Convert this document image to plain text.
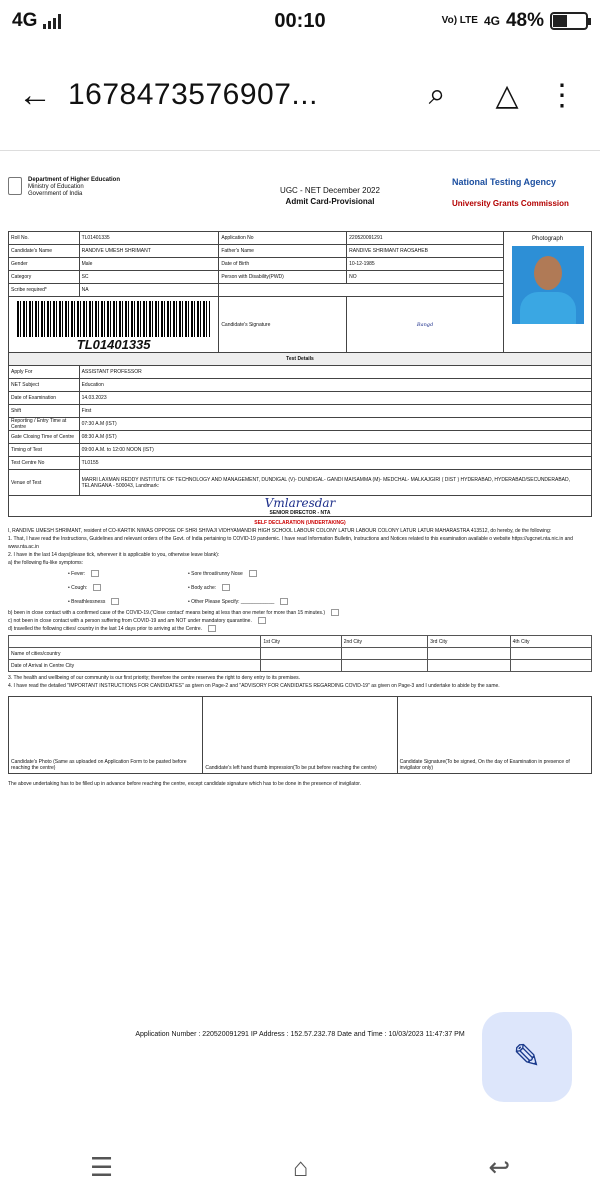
4G	00:10	Vo) LTE 4G 48%
← 1678473576907...	⌕	△ ⋮
Department of Higher Education
Ministry of Education
Government of India	UGC - NET December 2022
Admit Card-Provisional
National Testing Agency
University Grants Commission
Roll No.	TL01401335	Application No	220520091291	Photograph

Candidate's Name	RANDIVE UMESH SHRIMANT	Father's Name	RANDIVE SHRIMANT RAOSAHEB	
Gender	Male	Date of Birth	10-12-1985	
Category	SC	Person with Disability(PWD)	NO	
Scribe required*	NA			

TL01401335		Candidate's Signature	Bangd	
Test Details				
Apply For	ASSISTANT PROFESSOR			
NET Subject	Education			
Date of Examination	14.03.2023			
Shift	First			
Reporting / Entry Time at Centre	07:30 A.M (IST)			
Gate Closing Time of Centre	08:30 A.M (IST)			
Timing of Test	09:00 A.M. to 12:00 NOON (IST)			
Test Centre No	TL0155			
Venue of Test	MARRI LAXMAN REDDY INSTITUTE OF TECHNOLOGY AND MANAGEMENT, DUNDIGAL (V)- DUNDIGAL- GANDI MAISAMMA (M)- MEDCHAL- MALKAJGIRI ( DIST ) HYDERABAD, HYDERABAD/SECUNDERABAD, TELANGANA - 500043, Landmark:			

Vmlaresdar
SENIOR DIRECTOR - NTA				
SELF DECLARATION (UNDERTAKING)
I, RANDIVE UMESH SHRIMANT, resident of CO-KARTIK NIWAS OPPOSE OF SHRI SHIVAJI VIDHYAMANDIR HIGH SCHOOL LABOUR COLONY LATUR LABOUR COLONY LATUR LATUR MAHARASTRA 413512, do hereby, de the following:
1. That, I have read the Instructions, Guidelines and relevant orders of the Govt. of India pertaining to COVID-19 pandemic. I have read Information Bulletin, Instructions and Notices related to this examination available o website https://ugcnet.nta.nic.in and www.nta.ac.in
2. I have in the last 14 days(please tick, wherever it is applicable to you, otherwise leave blank):
a) the following flu-like symptoms:
• Fever:	• Sore throat/runny Nose
• Cough:	• Body ache:
• Breathlessness	• Other Please Specify: ____________
b) been in close contact with a confirmed case of the COVID-19.('Close contact' means being at less than one meter for more than 15 minutes.)
c) not been in close contact with a person suffering from COVID-19 and am NOT under mandatory quarantine.
d) travelled the following cities/ country in the last 14 days prior to arriving at the Centre.
	1st City	2nd City	3rd City	4th City
Name of cities/country				
Date of Arrival in Centre City				
3. The health and wellbeing of our community is our first priority; therefore the centre reserves the right to deny entry to its premises.
4. I have read the detailed "IMPORTANT INSTRUCTIONS FOR CANDIDATES" as given on Page-2 and "ADVISORY FOR CANDIDATES REGARDING COVID-19" as given on Page-3 and I undertake to abide by the same.
Candidate's Photo (Same as uploaded on Application Form to be pasted before reaching the centre)	Candidate's left hand thumb impression(To be put before reaching the centre)
Candidate Signature(To be signed, On the day of Examination in presence of invigilator only)
The above undertaking has to be filled up in advance before reaching the centre, except candidate signature which has to be done in the presence of invigilator.
Application Number : 220520091291 IP Address : 152.57.232.78 Date and Time : 10/03/2023 11:47:37 PM
✎
☰	⌂	↩
